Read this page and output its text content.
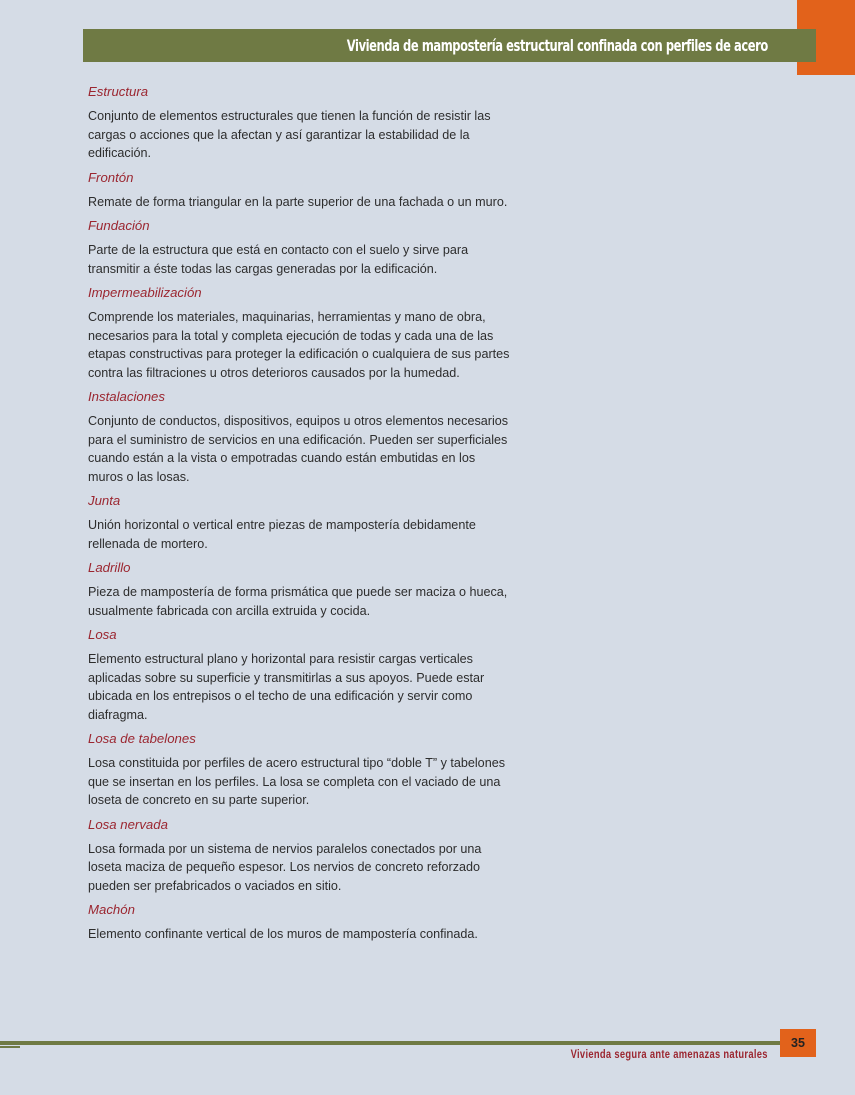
Vivienda de mampostería estructural confinada con perfiles de acero

Estructura

Conjunto de elementos estructurales que tienen la función de resistir las cargas o acciones que la afectan y así garantizar la estabilidad de la edificación.

Frontón

Remate de forma triangular en la parte superior de una fachada o un muro.

Fundación

Parte de la estructura que está en contacto con el suelo y sirve para transmitir a éste todas las cargas generadas por la edificación.

Impermeabilización

Comprende los materiales, maquinarias, herramientas y mano de obra, necesarios para la total y completa ejecución de todas y cada una de las etapas constructivas para proteger la edificación o cualquiera de sus partes contra las filtraciones u otros deterioros causados por la humedad.

Instalaciones

Conjunto de conductos, dispositivos, equipos u otros elementos necesarios para el suministro de servicios en una edificación. Pueden ser superficiales cuando están a la vista o empotradas cuando están embutidas en los muros o las losas.

Junta

Unión horizontal o vertical entre piezas de mampostería debidamente rellenada de mortero.

Ladrillo

Pieza de mampostería de forma prismática que puede ser maciza o hueca, usualmente fabricada con arcilla extruida y cocida.

Losa

Elemento estructural plano y horizontal para resistir cargas verticales aplicadas sobre su superficie y transmitirlas a sus apoyos. Puede estar ubicada en los entrepisos o el techo de una edificación y servir como diafragma.

Losa de tabelones

Losa constituida por perfiles de acero estructural tipo “doble T” y tabelones que se insertan en los perfiles. La losa se completa con el vaciado de una loseta de concreto en su parte superior.

Losa nervada

Losa formada por un sistema de nervios paralelos conectados por una loseta maciza de pequeño espesor. Los nervios de concreto reforzado pueden ser prefabricados o vaciados en sitio.

Machón

Elemento confinante vertical de los muros de mampostería confinada.

35
Vivienda segura ante amenazas naturales
